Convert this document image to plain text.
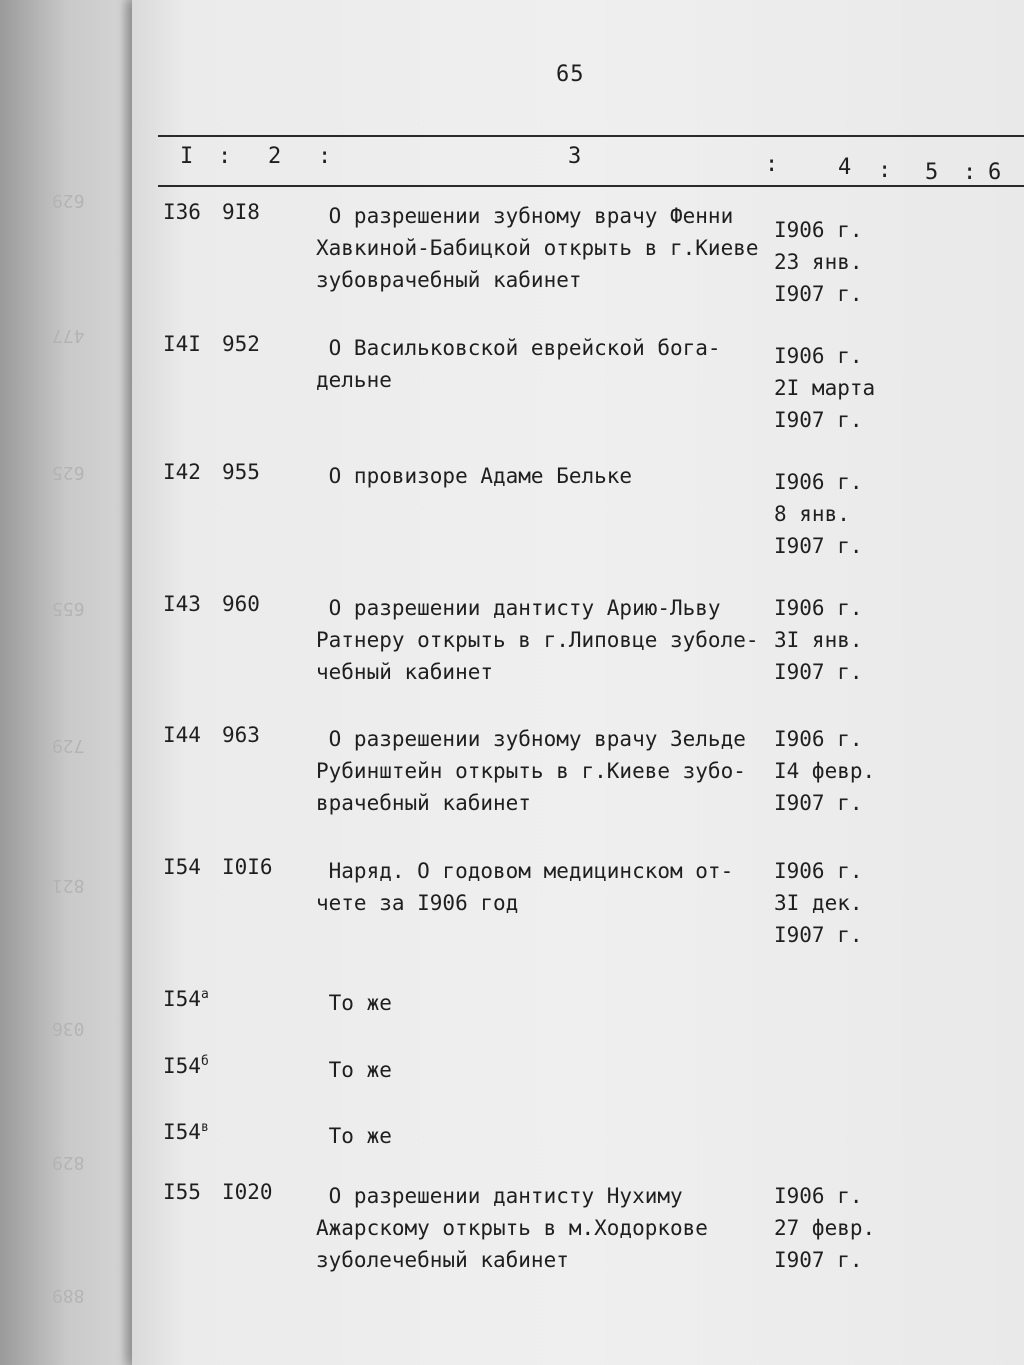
629
477
625
655
729
821
036
829
889
65
I : 2 :	3	:	4 : 5 : 6
I36 9I8	О разрешении зубному врачу Фенни
Хавкиной-Бабицкой открыть в г.Киеве
зубоврачебный кабинет
I906 г.
23 янв.
I907 г.
I4I 952	О Васильковской еврейской бога-
дельне
I906 г.
2I марта
I907 г.
I42 955	О провизоре Адаме Бельке	I906 г.
8 янв.
I907 г.
I43 960	О разрешении дантисту Арию-Льву
Ратнеру открыть в г.Липовце зуболе-
чебный кабинет
I906 г.
3I янв.
I907 г.
I44 963	О разрешении зубному врачу Зельде
Рубинштейн открыть в г.Киеве зубо-
врачебный кабинет
I906 г.
I4 февр.
I907 г.
I54 I0I6	Наряд. О годовом медицинском от-
чете за I906 год
I906 г.
3I дек.
I907 г.
$I54^а$	То же
$I54^б$	То же
$I54^в$	То же
I55 I020	О разрешении дантисту Нухиму
Ажарскому открыть в м.Ходоркове
зуболечебный кабинет
I906 г.
27 февр.
I907 г.
